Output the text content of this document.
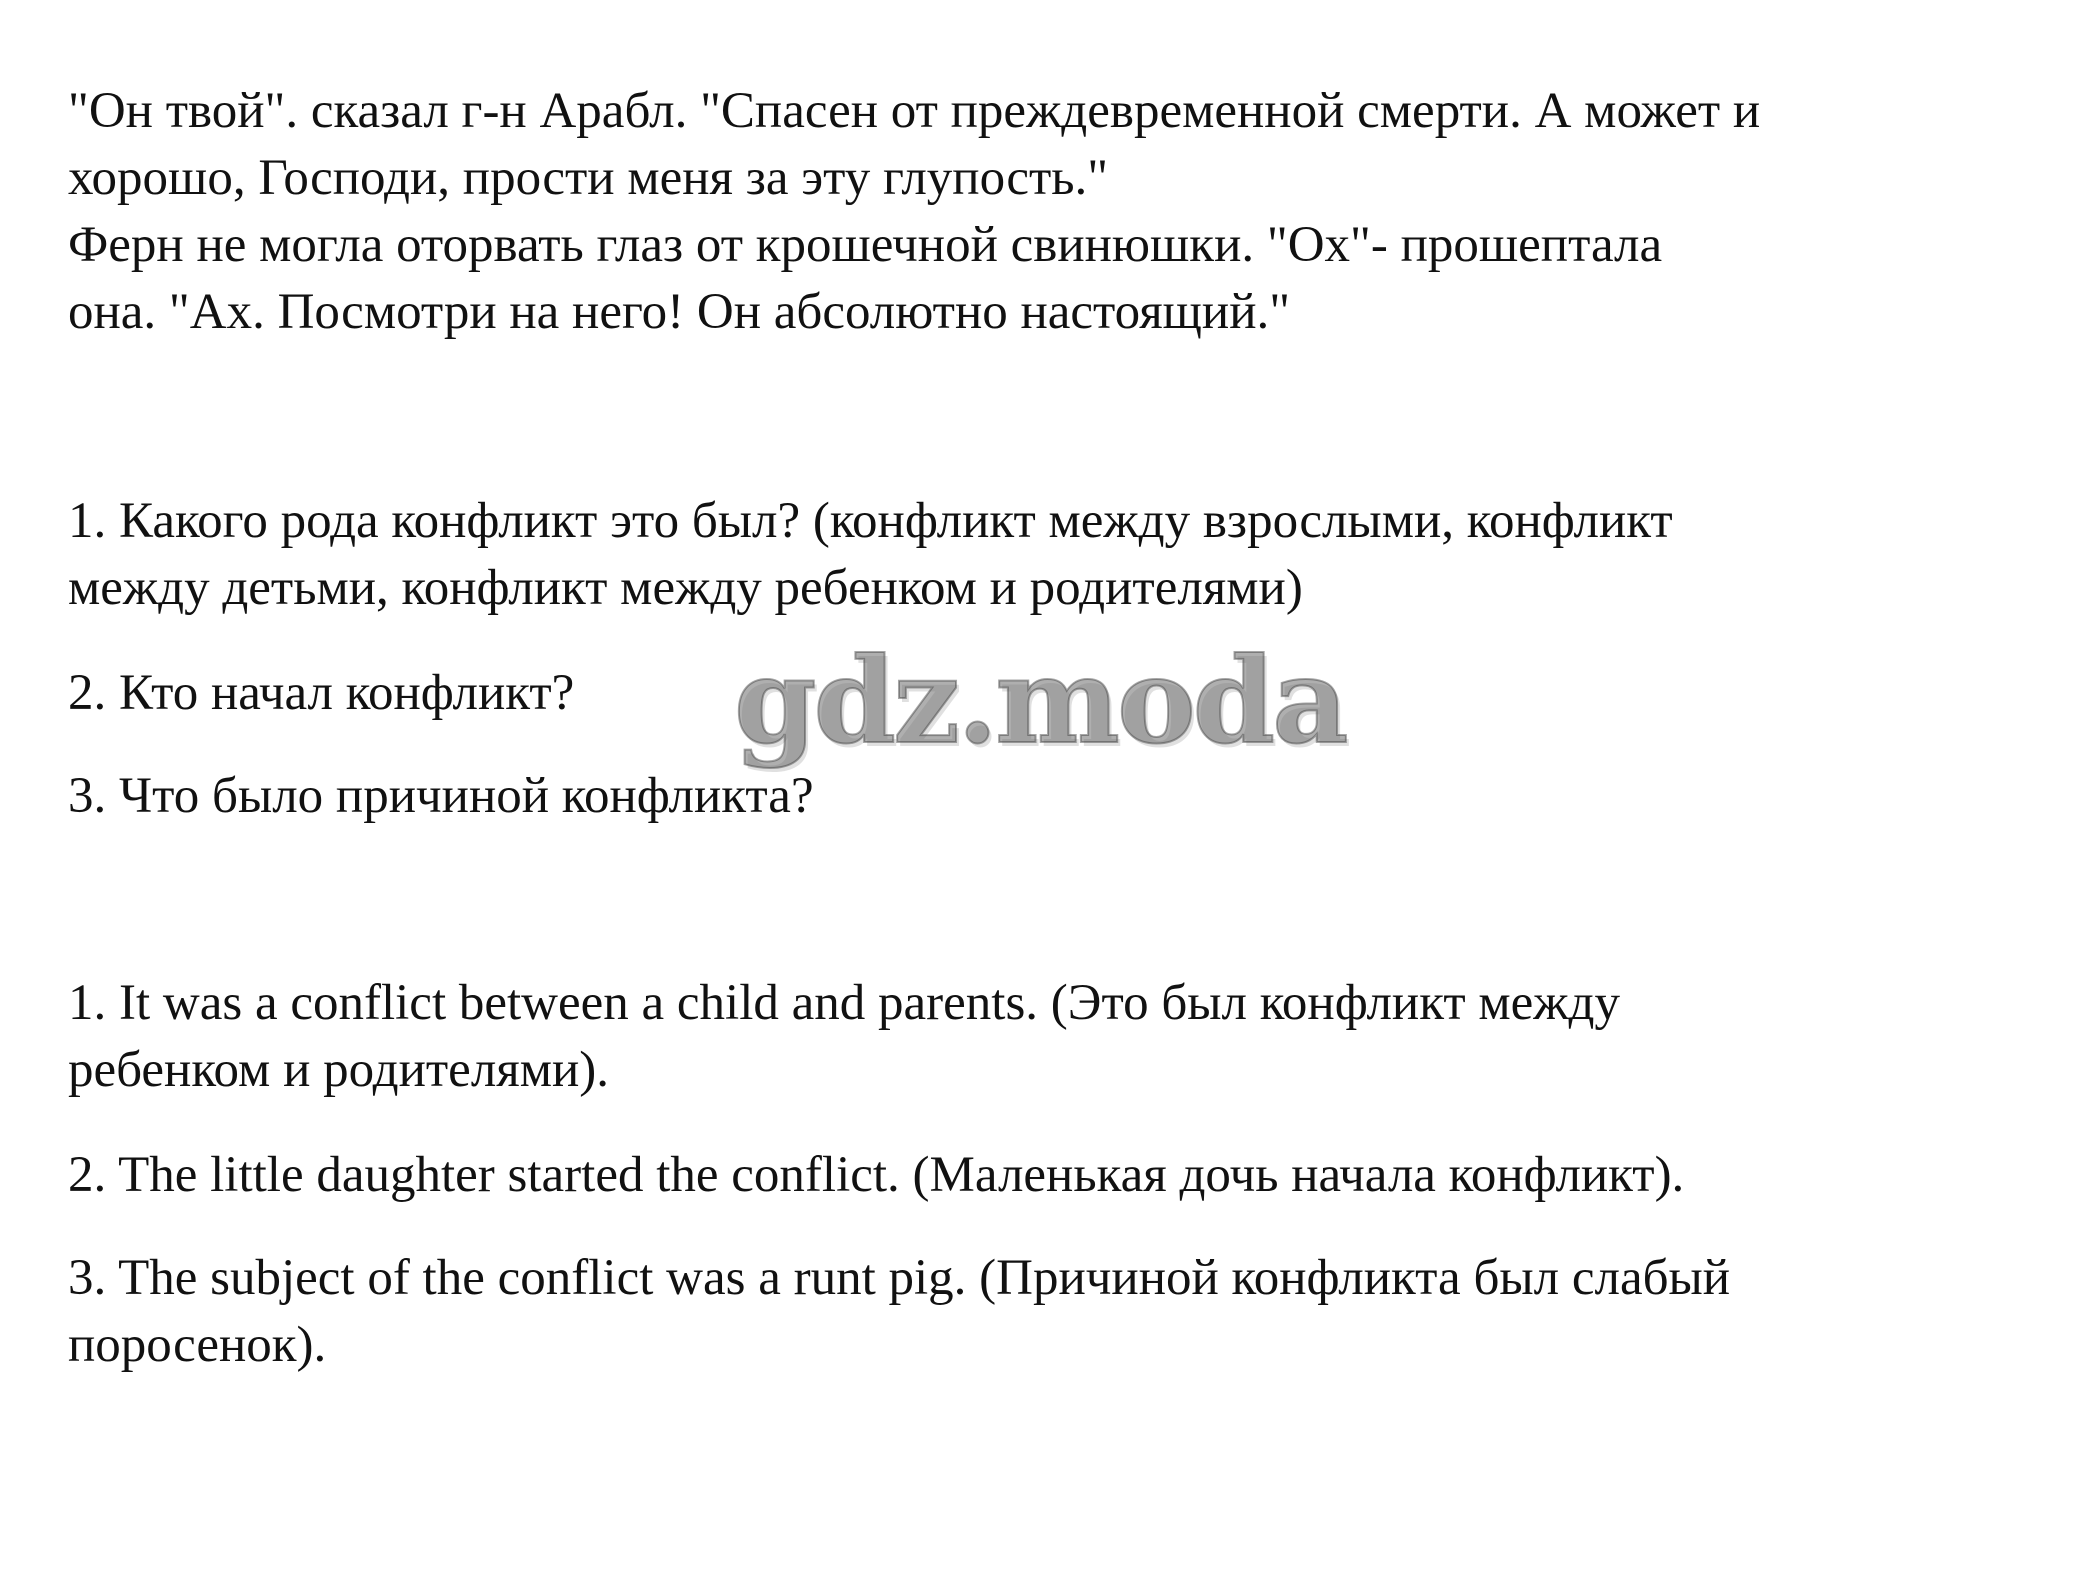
"Он твой". сказал г-н Арабл. "Спасен от преждевременной смерти. А может и
хорошо, Господи, прости меня за эту глупость."
Ферн не могла оторвать глаз от крошечной свинюшки. "Ох"- прошептала
она. "Ах. Посмотри на него! Он абсолютно настоящий."

1. Какого рода конфликт это был? (конфликт между взрослыми, конфликт
между детьми, конфликт между ребенком и родителями)

2. Кто начал конфликт?

3. Что было причиной конфликта?

1. It was a conflict between a child and parents. (Это был конфликт между
ребенком и родителями).

2. The little daughter started the conflict. (Маленькая дочь начала конфликт).

3. The subject of the conflict was a runt pig. (Причиной конфликта был слабый
поросенок).

gdz.moda
